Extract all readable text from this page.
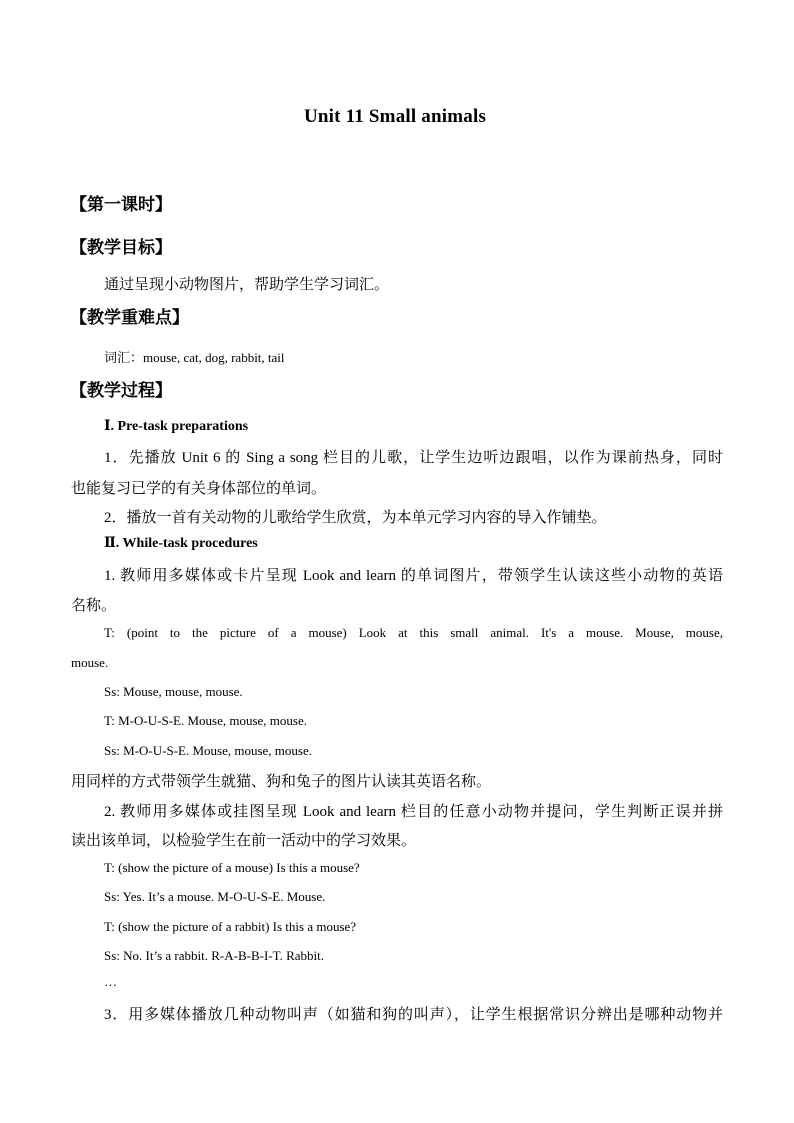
Unit 11 Small animals
【第一课时】
【教学目标】
通过呈现小动物图片，帮助学生学习词汇。
【教学重难点】
词汇：mouse, cat, dog, rabbit, tail
【教学过程】
Ⅰ. Pre-task preparations
1．先播放 Unit 6 的 Sing a song 栏目的儿歌，让学生边听边跟唱，以作为课前热身，同时
也能复习已学的有关身体部位的单词。
2．播放一首有关动物的儿歌给学生欣赏，为本单元学习内容的导入作铺垫。
Ⅱ. While-task procedures
1. 教师用多媒体或卡片呈现 Look and learn 的单词图片，带领学生认读这些小动物的英语
名称。
T: (point to the picture of a mouse) Look at this small animal. It's a mouse. Mouse, mouse,
mouse.
Ss: Mouse, mouse, mouse.
T: M-O-U-S-E. Mouse, mouse, mouse.
Ss: M-O-U-S-E. Mouse, mouse, mouse.
用同样的方式带领学生就猫、狗和兔子的图片认读其英语名称。
2. 教师用多媒体或挂图呈现 Look and learn 栏目的任意小动物并提问，学生判断正误并拼
读出该单词，以检验学生在前一活动中的学习效果。
T: (show the picture of a mouse) Is this a mouse?
Ss: Yes. It’s a mouse. M-O-U-S-E. Mouse.
T: (show the picture of a rabbit) Is this a mouse?
Ss: No. It’s a rabbit. R-A-B-B-I-T. Rabbit.
…
3．用多媒体播放几种动物叫声（如猫和狗的叫声），让学生根据常识分辨出是哪种动物并
